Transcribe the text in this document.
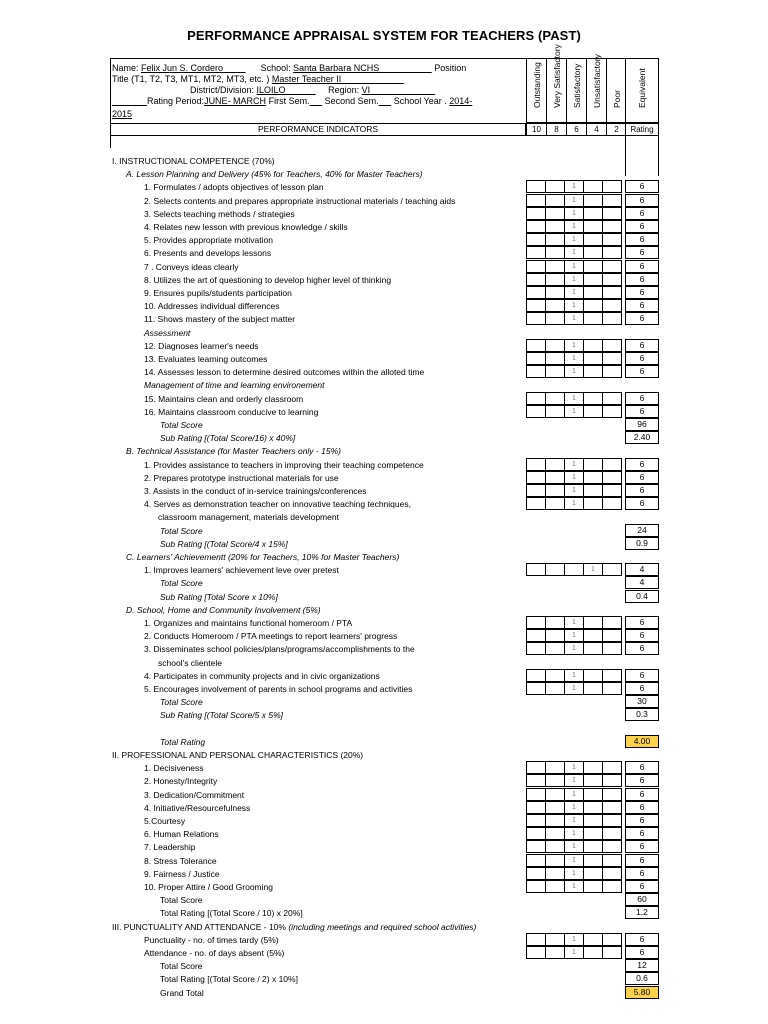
PERFORMANCE APPRAISAL SYSTEM FOR TEACHERS (PAST)
Name: Felix Jun S. Cordero	School: Santa Barbara NCHS	Position
Title (T1, T2, T3, MT1, MT2, MT3, etc. ) Master Teacher II
District/Division: ILOILO	Region: VI
Rating Period:JUNE- MARCH First Sem. Second Sem. School Year . 2014-
2015
Outstanding Very Satisfactory Satisfactory Unsatisfactory Poor Equivalent
PERFORMANCE INDICATORS	10	8	6	4	2	Rating
I. INSTRUCTIONAL COMPETENCE (70%)
A. Lesson Planning and Delivery (45% for Teachers, 40% for Master Teachers)
1. Formulates / adopts objectives of lesson plan	1	6
2. Selects contents and prepares appropriate instructional materials / teaching aids	1	6
3. Selects teaching methods / strategies	1	6
4. Relates new lesson with previous knowledge / skills	1	6
5. Provides appropriate motivation	1	6
6. Presents and develops lessons	1	6
7 . Conveys ideas clearly	1	6
8. Utilizes the art of questioning to develop higher level of thinking	1	6
9. Ensures pupils/students participation	1	6
10. Addresses individual differences	1	6
11. Shows mastery of the subject matter	1	6
Assessment
12. Diagnoses learner's needs	1	6
13. Evaluates learning outcomes	1	6
14. Assesses lesson to determine desired outcomes within the alloted time	1	6
Management of time and learning environement
15. Maintains clean and orderly classroom	1	6
16. Maintains classroom conducive to learning	1	6
Total Score	96
Sub Rating [(Total Score/16) x 40%]	2.40
B. Technical Assistance (for Master Teachers only - 15%)
1. Provides assistance to teachers in improving their teaching competence	1	6
2. Prepares prototype instructional materials for use	1	6
3. Assists in the conduct of in-service trainings/conferences	1	6
4. Serves as demonstration teacher on innovative teaching techniques,	1	6
classroom management, materials development
Total Score	24
Sub Rating [(Total Score/4 x 15%]	0.9
C. Learners' Achievementt (20% for Teachers, 10% for Master Teachers)
1. Improves learners' achievement leve over pretest	1	4
Total Score	4
Sub Rating [Total Score x 10%]	0.4
D. School, Home and Community Involvement (5%)
1. Organizes and maintains functional homeroom / PTA	1	6
2. Conducts Homeroom / PTA meetings to report learners' progress	1	6
3. Disseminates school policies/plans/programs/accomplishments to the	1	6
school's clientele
4. Participates in community projects and in civic organizations	1	6
5. Encourages involvement of parents in school programs and activities	1	6
Total Score	30
Sub Rating [(Total Score/5 x 5%]	0.3
Total Rating	4.00
II. PROFESSIONAL AND PERSONAL CHARACTERISTICS (20%)
1. Decisiveness	1	6
2. Honesty/Integrity	1	6
3. Dedication/Commitment	1	6
4. Initiative/Resourcefulness	1	6
5.Courtesy	1	6
6. Human Relations	1	6
7. Leadership	1	6
8. Stress Tolerance	1	6
9. Fairness / Justice	1	6
10. Proper Attire / Good Grooming	1	6
Total Score	60
Total Rating [(Total Score / 10) x 20%]	1.2
III. PUNCTUALITY AND ATTENDANCE - 10% (including meetings and required school activities)
Punctuality - no. of times tardy (5%)	1	6
Attendance - no. of days absent (5%)	1	6
Total Score	12
Total Rating [(Total Score / 2) x 10%]	0.6
Grand Total	5.80
